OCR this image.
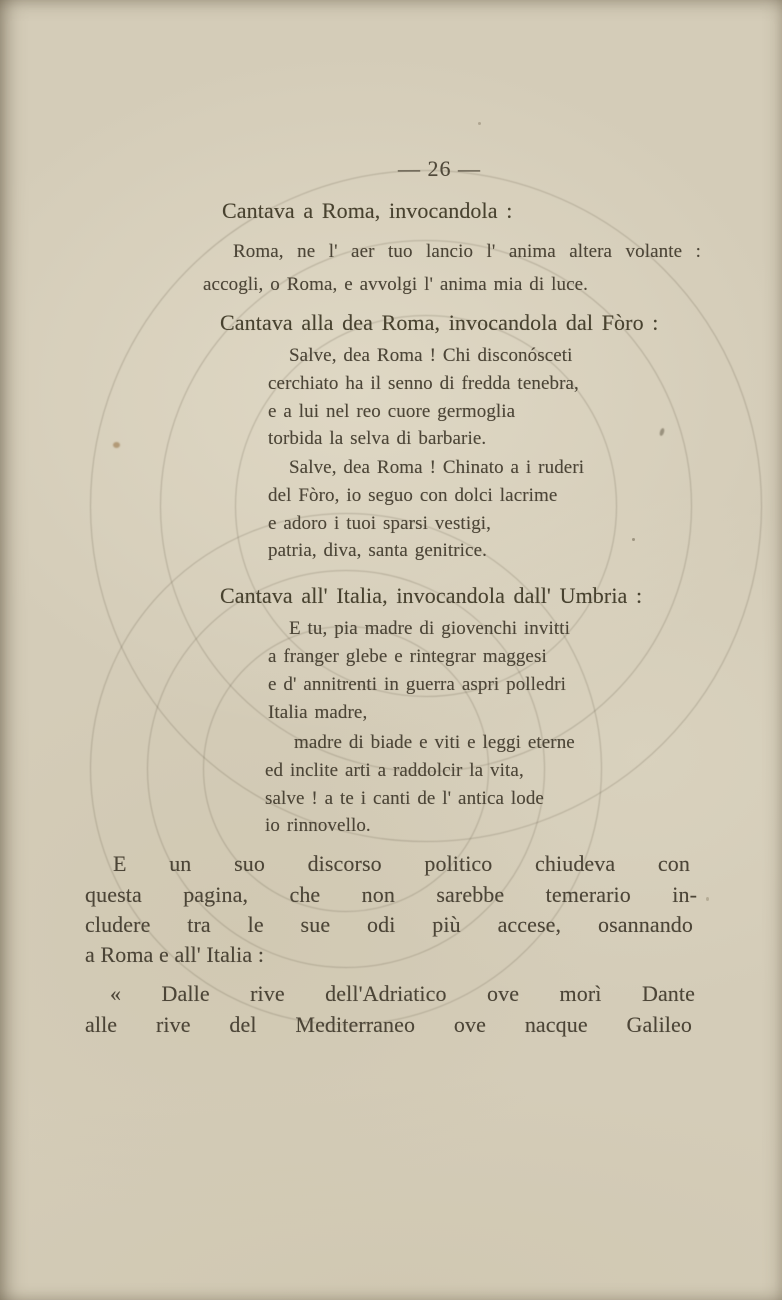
— 26 —
Cantava a Roma, invocandola :
Roma, ne l' aer tuo lancio l' anima altera volante :
accogli, o Roma, e avvolgi l' anima mia di luce.
Cantava alla dea Roma, invocandola dal Fòro :
Salve, dea Roma ! Chi disconósceti
cerchiato ha il senno di fredda tenebra,
e a lui nel reo cuore germoglia
torbida la selva di barbarie.
Salve, dea Roma ! Chinato a i ruderi
del Fòro, io seguo con dolci lacrime
e adoro i tuoi sparsi vestigi,
patria, diva, santa genitrice.
Cantava all' Italia, invocandola dall' Umbria :
E tu, pia madre di giovenchi invitti
a franger glebe e rintegrar maggesi
e d' annitrenti in guerra aspri polledri
Italia madre,
madre di biade e viti e leggi eterne
ed inclite arti a raddolcir la vita,
salve ! a te i canti de l' antica lode
io rinnovello.
E un suo discorso politico chiudeva con
questa pagina, che non sarebbe temerario in-
cludere tra le sue odi più accese, osannando
a Roma e all' Italia :
« Dalle rive dell'Adriatico ove morì Dante
alle rive del Mediterraneo ove nacque Galileo
